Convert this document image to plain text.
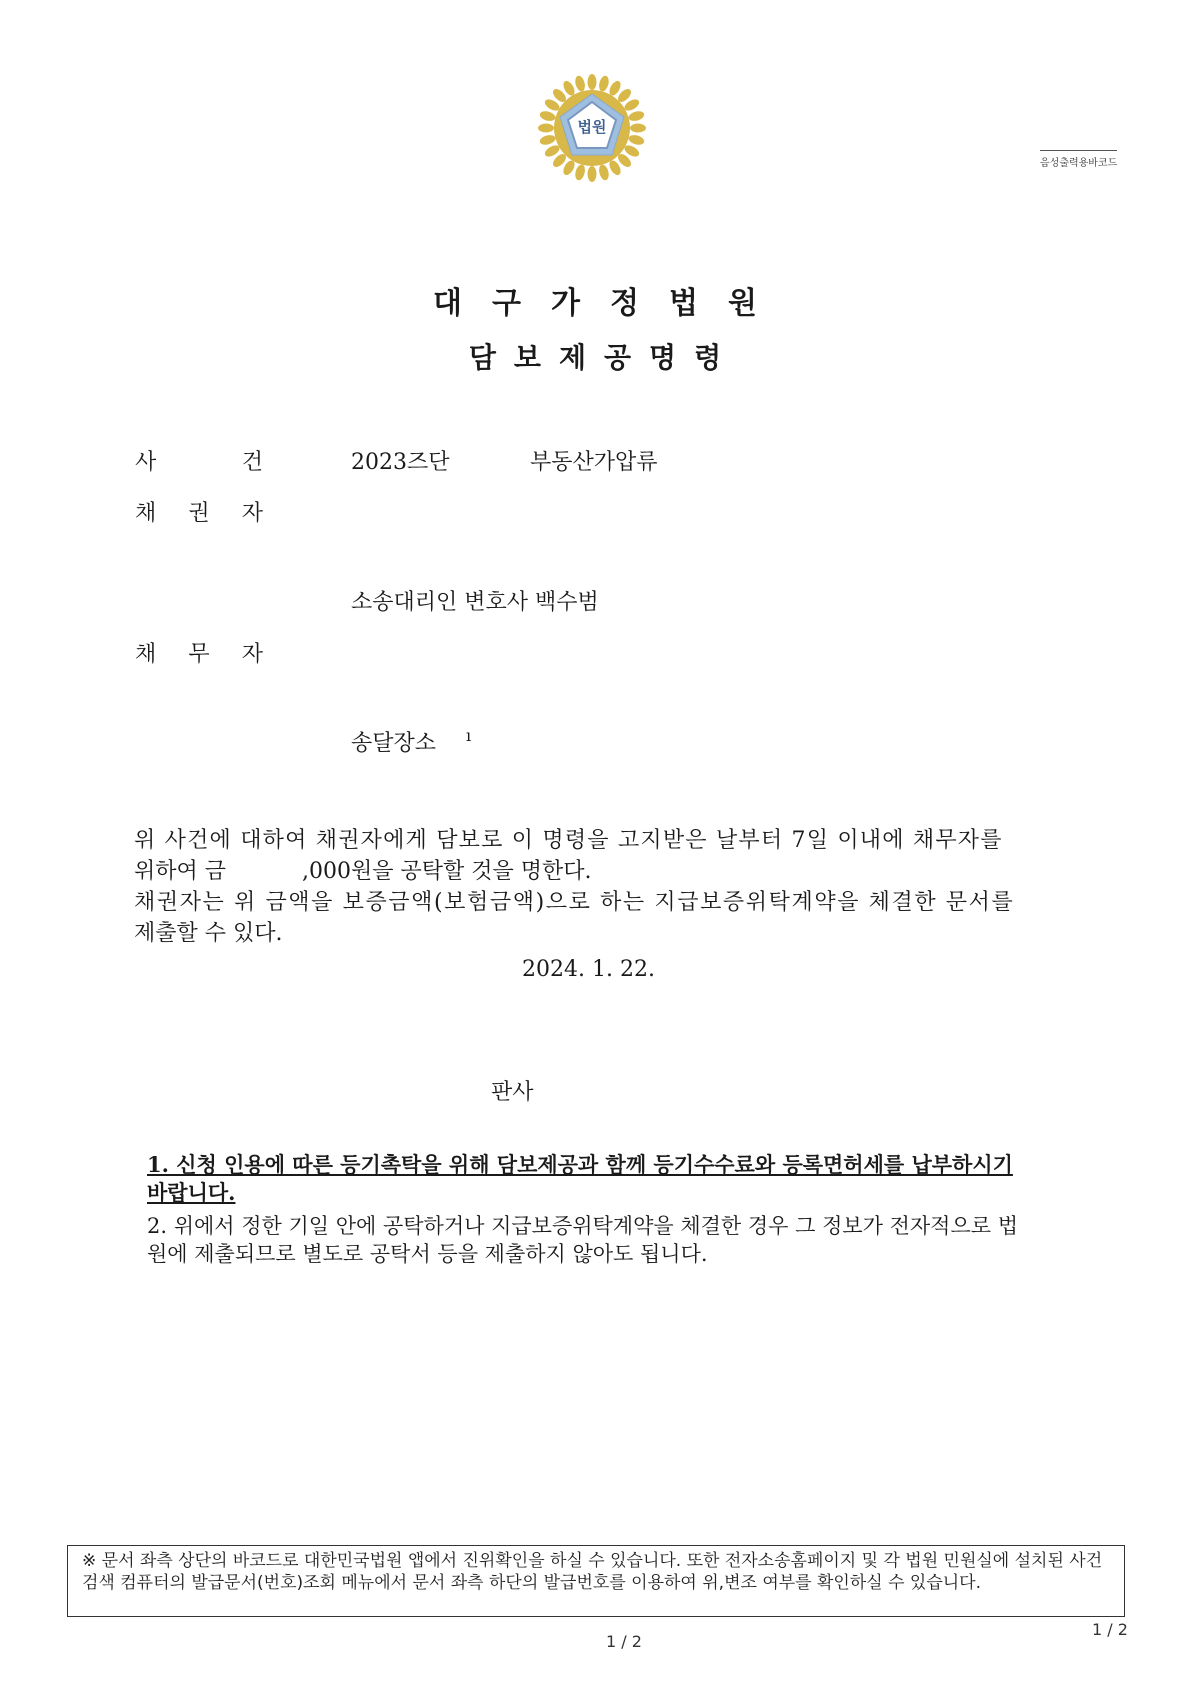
법원
음성출력용바코드
대구가정법원
담보제공명령
사	건	2023즈단	부동산가압류
채 권 자
소송대리인 변호사 백수범
채 무 자
송달장소 ı
위 사건에 대하여 채권자에게 담보로 이 명령을 고지받은 날부터 7일 이내에 채무자를
위하여 금	,000원을 공탁할 것을 명한다.
채권자는 위 금액을 보증금액(보험금액)으로 하는 지급보증위탁계약을 체결한 문서를
제출할 수 있다.
2024. 1. 22.
판사
1. 신청 인용에 따른 등기촉탁을 위해 담보제공과 함께 등기수수료와 등록면허세를 납부하시기 바랍니다.
2. 위에서 정한 기일 안에 공탁하거나 지급보증위탁계약을 체결한 경우 그 정보가 전자적으로 법원에 제출되므로 별도로 공탁서 등을 제출하지 않아도 됩니다.
※ 문서 좌측 상단의 바코드로 대한민국법원 앱에서 진위확인을 하실 수 있습니다. 또한 전자소송홈페이지 및 각 법원 민원실에 설치된 사건검색 컴퓨터의 발급문서(번호)조회 메뉴에서 문서 좌측 하단의 발급번호를 이용하여 위,변조 여부를 확인하실 수 있습니다.
1 / 2
1 / 2
